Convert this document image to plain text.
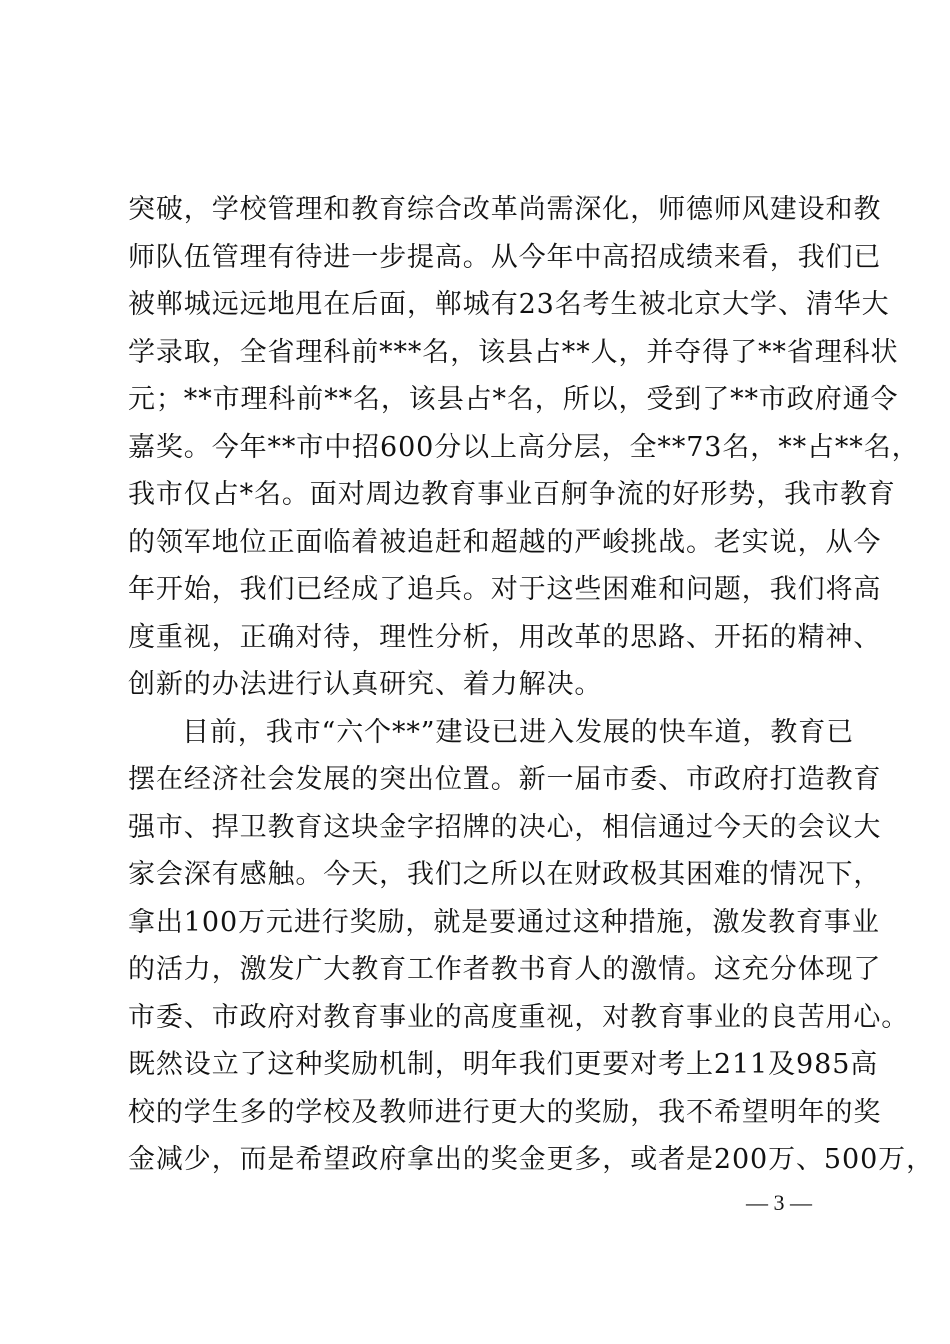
突破，学校管理和教育综合改革尚需深化，师德师风建设和教
师队伍管理有待进一步提高。从今年中高招成绩来看，我们已
被郸城远远地甩在后面，郸城有23名考生被北京大学、清华大
学录取，全省理科前***名，该县占**人，并夺得了**省理科状
元；**市理科前**名，该县占*名，所以，受到了**市政府通令
嘉奖。今年**市中招600分以上高分层，全**73名，**占**名，
我市仅占*名。面对周边教育事业百舸争流的好形势，我市教育
的领军地位正面临着被追赶和超越的严峻挑战。老实说，从今
年开始，我们已经成了追兵。对于这些困难和问题，我们将高
度重视，正确对待，理性分析，用改革的思路、开拓的精神、
创新的办法进行认真研究、着力解决。
目前，我市“六个**”建设已进入发展的快车道，教育已
摆在经济社会发展的突出位置。新一届市委、市政府打造教育
强市、捍卫教育这块金字招牌的决心，相信通过今天的会议大
家会深有感触。今天，我们之所以在财政极其困难的情况下，
拿出100万元进行奖励，就是要通过这种措施，激发教育事业
的活力，激发广大教育工作者教书育人的激情。这充分体现了
市委、市政府对教育事业的高度重视，对教育事业的良苦用心。
既然设立了这种奖励机制，明年我们更要对考上211及985高
校的学生多的学校及教师进行更大的奖励，我不希望明年的奖
金减少，而是希望政府拿出的奖金更多，或者是200万、500万，
— 3 —
